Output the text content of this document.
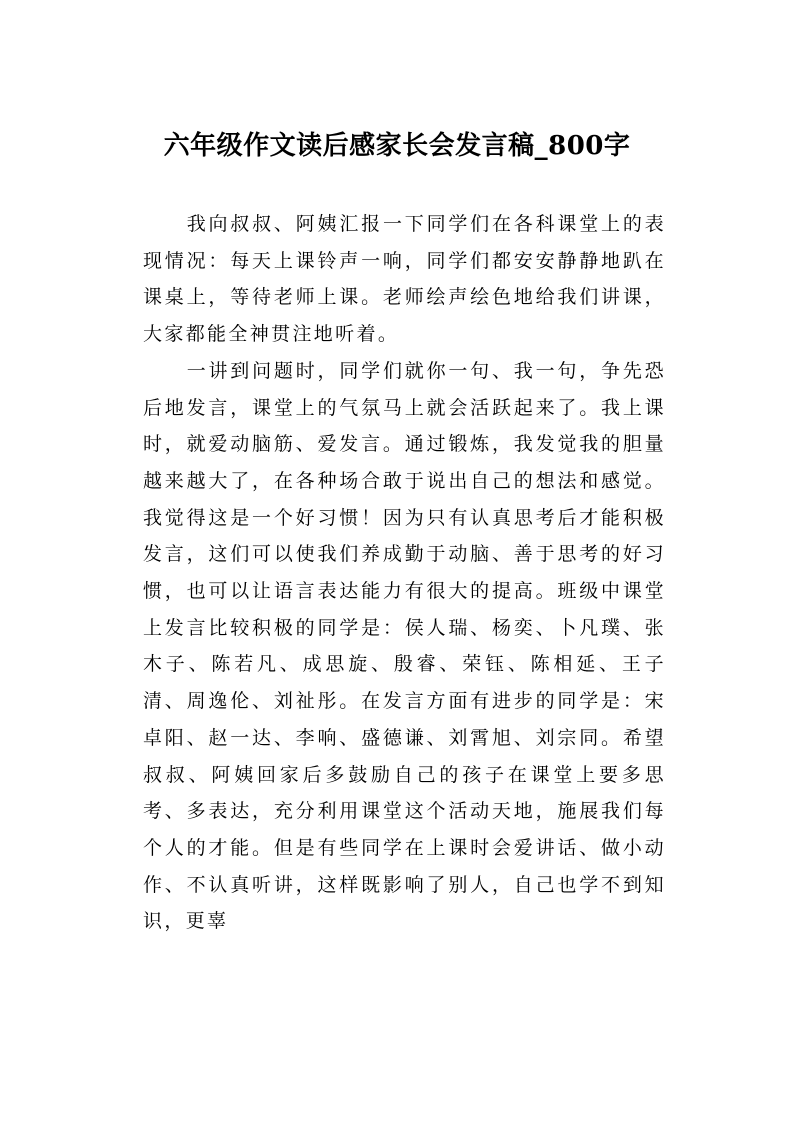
六年级作文读后感家长会发言稿_800字

我向叔叔、阿姨汇报一下同学们在各科课堂上的表现情况：每天上课铃声一响，同学们都安安静静地趴在课桌上，等待老师上课。老师绘声绘色地给我们讲课，大家都能全神贯注地听着。

一讲到问题时，同学们就你一句、我一句，争先恐后地发言，课堂上的气氛马上就会活跃起来了。我上课时，就爱动脑筋、爱发言。通过锻炼，我发觉我的胆量越来越大了，在各种场合敢于说出自己的想法和感觉。我觉得这是一个好习惯！因为只有认真思考后才能积极发言，这们可以使我们养成勤于动脑、善于思考的好习惯，也可以让语言表达能力有很大的提高。班级中课堂上发言比较积极的同学是：侯人瑞、杨奕、卜凡璞、张木子、陈若凡、成思旋、殷睿、荣钰、陈相延、王子清、周逸伦、刘祉彤。在发言方面有进步的同学是：宋卓阳、赵一达、李响、盛德谦、刘霄旭、刘宗同。希望叔叔、阿姨回家后多鼓励自己的孩子在课堂上要多思考、多表达，充分利用课堂这个活动天地，施展我们每个人的才能。但是有些同学在上课时会爱讲话、做小动作、不认真听讲，这样既影响了别人，自己也学不到知识，更辜
